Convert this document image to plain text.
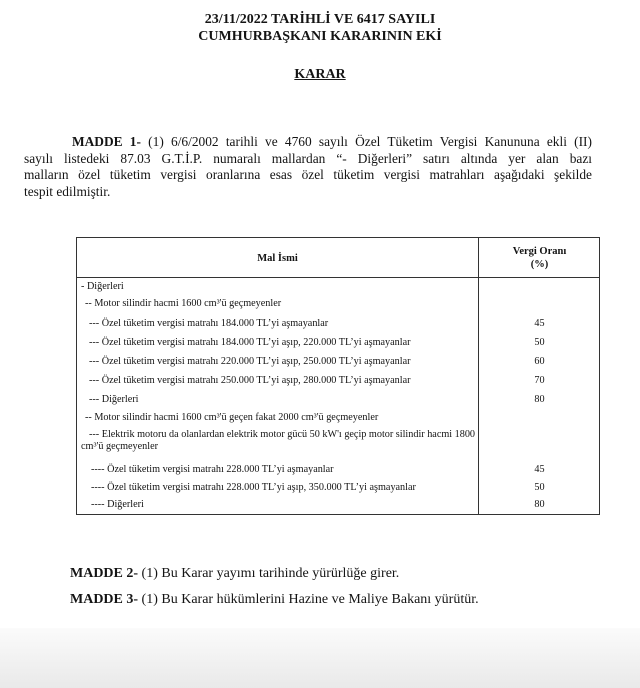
23/11/2022 TARİHLİ VE 6417 SAYILI
CUMHURBAŞKANI KARARININ EKİ
KARAR
MADDE 1- (1) 6/6/2002 tarihli ve 4760 sayılı Özel Tüketim Vergisi Kanununa ekli (II)
sayılı listedeki 87.03 G.T.İ.P. numaralı mallardan “- Diğerleri” satırı altında yer alan bazı
malların özel tüketim vergisi oranlarına esas özel tüketim vergisi matrahları aşağıdaki şekilde
tespit edilmiştir.
Mal İsmi
Vergi Oranı
(%)
- Diğerleri
-- Motor silindir hacmi 1600 cm³'ü geçmeyenler
--- Özel tüketim vergisi matrahı 184.000 TL’yi aşmayanlar	45
--- Özel tüketim vergisi matrahı 184.000 TL’yi aşıp, 220.000 TL’yi aşmayanlar	50
--- Özel tüketim vergisi matrahı 220.000 TL’yi aşıp, 250.000 TL’yi aşmayanlar	60
--- Özel tüketim vergisi matrahı 250.000 TL’yi aşıp, 280.000 TL’yi aşmayanlar	70
--- Diğerleri	80
-- Motor silindir hacmi 1600 cm³'ü geçen fakat 2000 cm³'ü geçmeyenler
--- Elektrik motoru da olanlardan elektrik motor gücü 50 kW'ı geçip motor silindir hacmi 1800 cm³'ü geçmeyenler
---- Özel tüketim vergisi matrahı 228.000 TL’yi aşmayanlar	45
---- Özel tüketim vergisi matrahı 228.000 TL’yi aşıp, 350.000 TL’yi aşmayanlar	50
---- Diğerleri	80
MADDE 2- (1) Bu Karar yayımı tarihinde yürürlüğe girer.
MADDE 3- (1) Bu Karar hükümlerini Hazine ve Maliye Bakanı yürütür.
